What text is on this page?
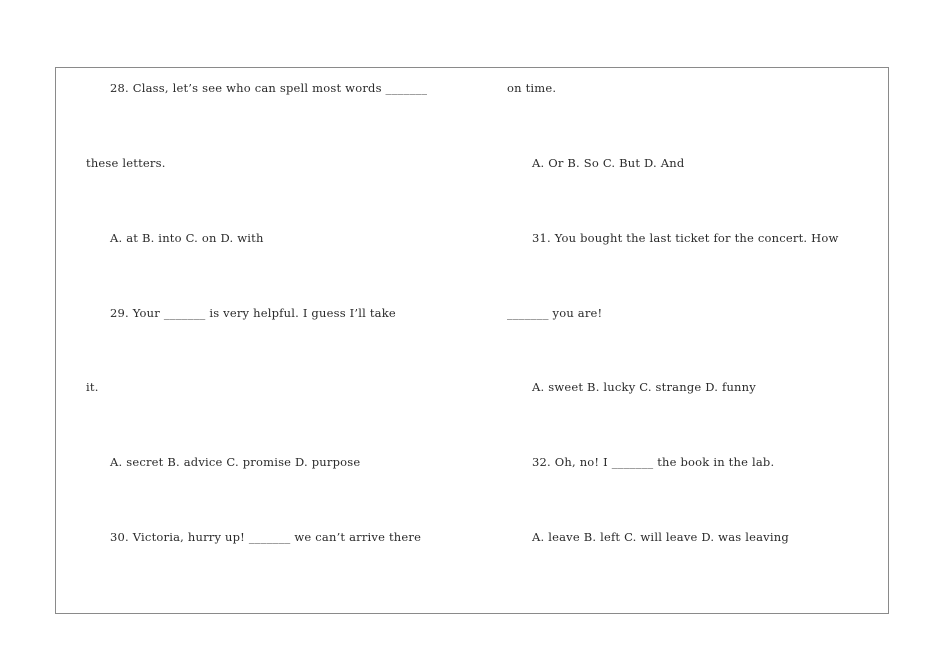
28. Class, let’s see who can spell most words _______
these letters.
A. at B. into C. on D. with
29. Your _______ is very helpful. I guess I’ll take
it.
A. secret B. advice C. promise D. purpose
30. Victoria, hurry up! _______ we can’t arrive there
on time.
A. Or B. So C. But D. And
31. You bought the last ticket for the concert. How
_______ you are!
A. sweet B. lucky C. strange D. funny
32. Oh, no! I _______ the book in the lab.
A. leave B. left C. will leave D. was leaving
